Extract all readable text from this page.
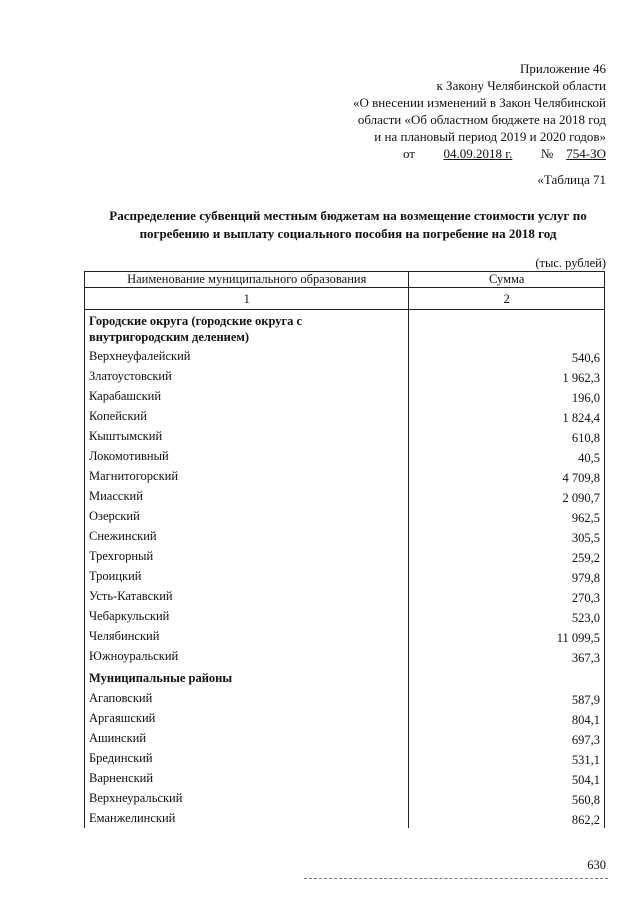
Приложение 46
к Закону Челябинской области
«О внесении изменений в Закон Челябинской
области «Об областном бюджете на 2018 год
и на плановый период 2019 и 2020 годов»
от 04.09.2018 г. № 754-ЗО
«Таблица 71
Распределение субвенций местным бюджетам на возмещение стоимости услуг по погребению и выплату социального пособия на погребение на 2018 год
(тыс. рублей)
Наименование муниципального образования	Сумма
1	2
Городские округа (городские округа с внутригородским делением)	
Верхнеуфалейский	540,6
Златоустовский	1 962,3
Карабашский	196,0
Копейский	1 824,4
Кыштымский	610,8
Локомотивный	40,5
Магнитогорский	4 709,8
Миасский	2 090,7
Озерский	962,5
Снежинский	305,5
Трехгорный	259,2
Троицкий	979,8
Усть-Катавский	270,3
Чебаркульский	523,0
Челябинский	11 099,5
Южноуральский	367,3
Муниципальные районы	
Агаповский	587,9
Аргаяшский	804,1
Ашинский	697,3
Брединский	531,1
Варненский	504,1
Верхнеуральский	560,8
Еманжелинский	862,2
630
